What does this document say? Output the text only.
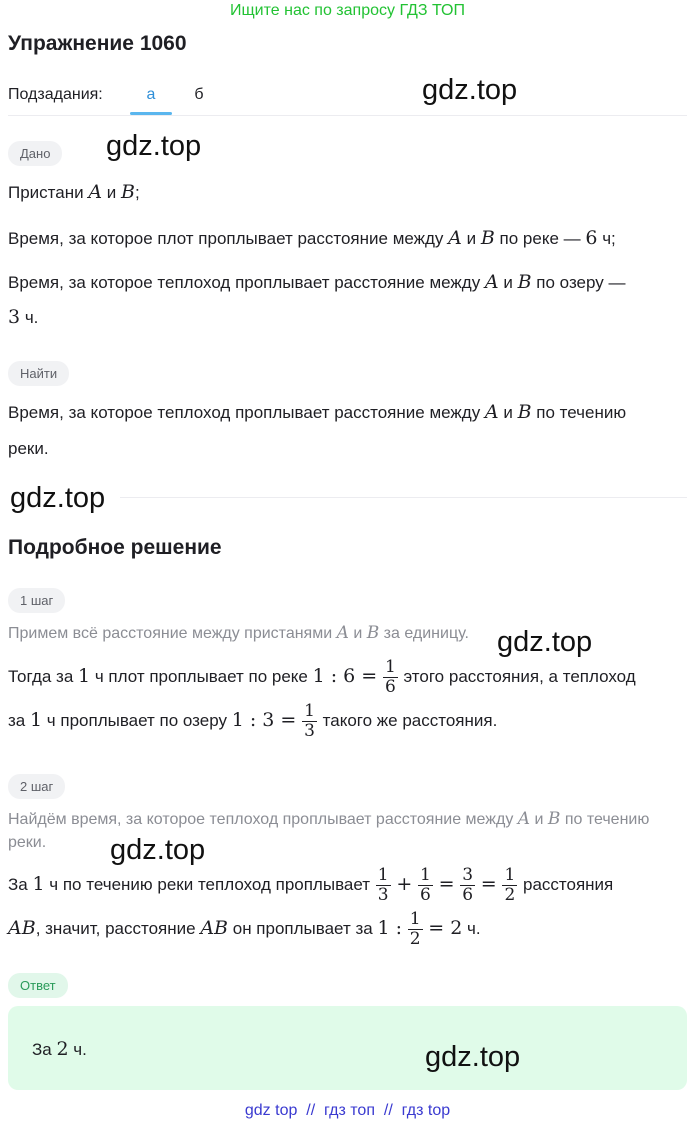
Ищите нас по запросу ГДЗ ТОП
Упражнение 1060
Подзадания:	а	б	gdz.top
Дано	gdz.top
Пристани A и B;
Время, за которое плот проплывает расстояние между A и B по реке — 6 ч;
Время, за которое теплоход проплывает расстояние между A и B по озеру —
3 ч.
Найти
Время, за которое теплоход проплывает расстояние между A и B по течению
реки.
gdz.top
Подробное решение
1 шаг
Примем всё расстояние между пристанями A и B за единицу. gdz.top
Тогда за 1 ч плот проплывает по реке 1 : $6 = \frac{1}{6}$ этого расстояния, а теплоход
за 1 ч проплывает по озеру 1 : $3 = \frac{1}{3}$ такого же расстояния.
2 шаг
Найдём время, за которое теплоход проплывает расстояние между A и B по течению
реки. gdz.top
За 1 ч по течению реки теплоход проплывает $\frac{1}{3} + \frac{1}{6} = \frac{3}{6} = \frac{1}{2}$ расстояния
AB, значит, расстояние AB он проплывает за 1 : $\frac{1}{2} = 2$ ч.
Ответ
За 2 ч.	gdz.top
gdz top  //  гдз топ  //  гдз top
